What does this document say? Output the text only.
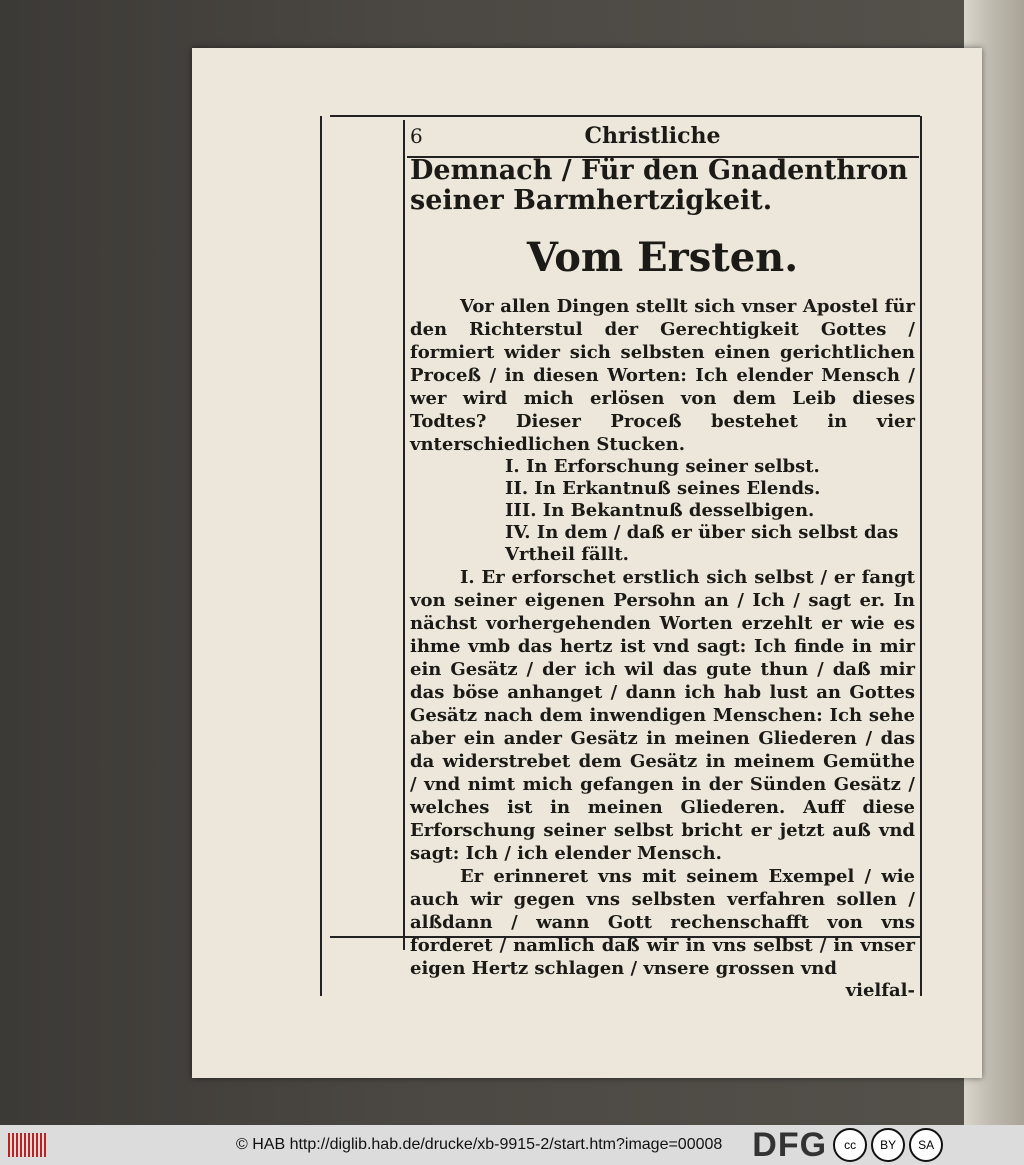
6	Christliche
Demnach / Für den Gnadenthron seiner Barmhertzigkeit.
Vom Ersten.

Vor allen Dingen stellt sich vnser Apostel für den Richterstul der Gerechtigkeit Gottes / formiert wider sich selbsten einen gerichtlichen Proceß / in diesen Worten: Ich elender Mensch / wer wird mich erlösen von dem Leib dieses Todtes? Dieser Proceß bestehet in vier vnterschiedlichen Stucken.

I. In Erforschung seiner selbst.
II. In Erkantnuß seines Elends.
III. In Bekantnuß desselbigen.
IV. In dem / daß er über sich selbst das Vrtheil fällt.

I. Er erforschet erstlich sich selbst / er fangt von seiner eigenen Persohn an / Ich / sagt er. In nächst vorhergehenden Worten erzehlt er wie es ihme vmb das hertz ist vnd sagt: Ich finde in mir ein Gesätz / der ich wil das gute thun / daß mir das böse anhanget / dann ich hab lust an Gottes Gesätz nach dem inwendigen Menschen: Ich sehe aber ein ander Gesätz in meinen Gliederen / das da widerstrebet dem Gesätz in meinem Gemüthe / vnd nimt mich gefangen in der Sünden Gesätz / welches ist in meinen Gliederen. Auff diese Erforschung seiner selbst bricht er jetzt auß vnd sagt: Ich / ich elender Mensch.

Er erinneret vns mit seinem Exempel / wie auch wir gegen vns selbsten verfahren sollen / alßdann / wann Gott rechenschafft von vns forderet / namlich daß wir in vns selbst / in vnser eigen Hertz schlagen / vnsere grossen vnd

vielfal-
© HAB http://diglib.hab.de/drucke/xb-9915-2/start.htm?image=00008 DFG	cc	BY	SA
